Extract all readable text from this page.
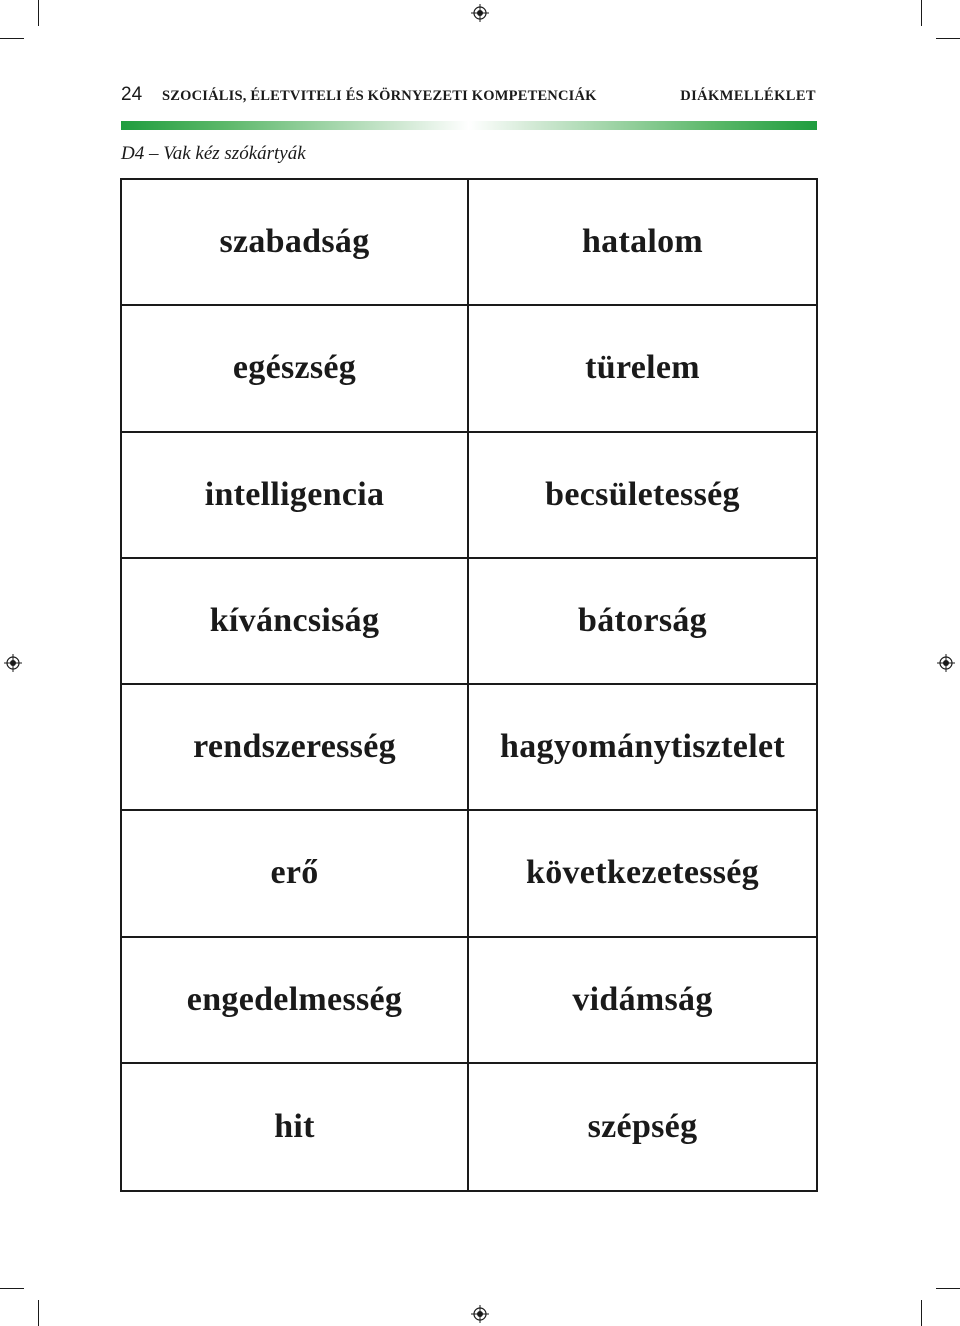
24 SZOCIÁLIS, ÉLETVITELI ÉS KÖRNYEZETI KOMPETENCIÁK	DIÁKMELLÉKLET
D4 – Vak kéz szókártyák
szabadság	hatalom
egészség	türelem
intelligencia	becsületesség
kíváncsiság	bátorság
rendszeresség	hagyománytisztelet
erő	következetesség
engedelmesség	vidámság
hit	szépség
